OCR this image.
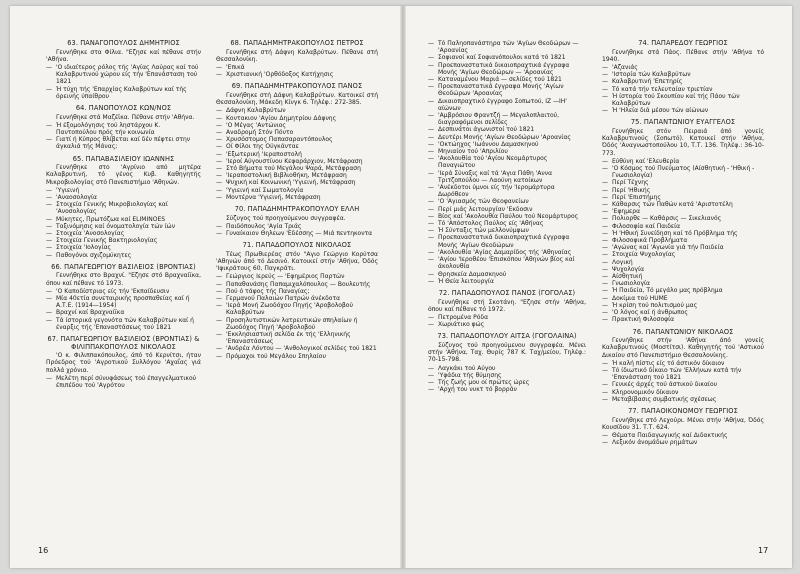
63. ΠΑΝΑΓΟΠΟΥΛΟΣ ΔΗΜΗΤΡΙΟΣ
Γεννήθηκε στα Φίλια. "Εζησε καί πέθανε στήν 'Αθήνα.
— 'Ο ιδιαίτερος ρόλος τής 'Αγίας Λαύρας καί τού Καλαβρυτινού χώρου είς τήν 'Επανάσταση τού 1821
— Ή τύχη τής 'Επαρχίας Καλαβρύτων καί τής όρεινής ύπαίθρου
64. ΠΑΝΟΠΟΥΛΟΣ ΚΩΝ/ΝΟΣ
Γεννήθηκε στά Μαζέϊκα. Πέθανε στήν 'Αθήνα.
— Ή έξομολόγησις τού ληστάρχου Κ. Παντοπούλου πρός τήν κοινωνία
— Γιατί ή Κύπρος θλίβεται καί δέν πέφτει στην άγκαλιά τής Μάνας;
65. ΠΑΠΑΒΑΣΙΛΕΙΟΥ ΙΩΑΝΝΗΣ
Γεννήθηκε στο 'Αγρίνιο από μητέρα Καλαβρυτινή, τό γένος Κυβ. Καθηγητής Μικροβιολογίας στό Πανεπιστήμιο 'Αθηνών.
— 'Υγιεινή
— 'Αναοσολογία
— Στοιχεία Γενικής Μικροβιολογίας καί 'Ανοσολογίας
— Μύκητες, Πρωτόζωα καί ELIMINOES
— Ταξινόμησις καί όνοματολογία τών ίών
— Στοιχεία 'Ανοσολογίας
— Στοιχεία Γενικής Βακτηριολογίας
— Στοιχεία 'Ιολογίας
— Παθογόνοι σχιζομύκητες
66. ΠΑΠΑΓΕΩΡΓΙΟΥ ΒΑΣΙΛΕΙΟΣ (ΒΡΟΝΤΙΑΣ)
Γεννήθηκε στο Βραχνί. "Εζησε στό Βραχναίϊκα, όπου καί πέθανε τό 1973.
— 'Ο Καποδίστριας είς τήν 'Εκπαίδευσιν
— Μία 40ετία συνεταιρικής προσπαθείας καί ή Α.Τ.Ε. (1914—1954)
— Βραχνί καί Βραχναίϊκα
— Τά ίστορικά γεγονότα τών Καλαβρύτων καί ή έναρξις τής 'Επαναστάσεως τού 1821
67. ΠΑΠΑΓΕΩΡΓΙΟΥ ΒΑΣΙΛΕΙΟΣ (ΒΡΟΝΤΙΑΣ) & ΦΙΛΙΠΠΑΚΟΠΟΥΛΟΣ ΝΙΚΟΛΑΟΣ
'Ο κ. Φιλιππακόπουλος, άπό τό Κερνίτσι, ήταν Πρόεδρος τού 'Αγροτικού Συλλόγου 'Αχαΐας γιά πολλά χρόνια.
— Μελέτη περί σύνυφάσεως τού έπαγγελματικού έπιπέδου τού 'Αγρότου
68. ΠΑΠΑΔΗΜΗΤΡΑΚΟΠΟΥΛΟΣ ΠΕΤΡΟΣ
Γεννήθηκε στή Δάφνη Καλαβρύτων. Πέθανε στή Θεσσαλονίκη.
— 'Επικά
— Χριστιανική 'Ορθόδοξος Κατήχησις
69. ΠΑΠΑΔΗΜΗΤΡΑΚΟΠΟΥΛΟΣ ΠΑΝΟΣ
Γεννήθηκε στή Δάφνη Καλαβρύτων. Κατοικεί στή Θεσσαλονίκη, Μάκεδη Κίνγκ 6. Τηλέφ.: 272-385.
— Δάφνη Καλαβρύτων
— Κοντακιον 'Αγίου Δημητρίου Δάφνης
— 'Ο Μέγας 'Αντώνιος
— Αναδρομή Στόν Πόντο
— Χρυσόστομος Παπασαραντόπουλος
— Οί Φίλοι της Ούγκάνταε
— 'Εξωτερική 'Ιεραποστολή
— 'Ιεροί Αύγουστίνου Κεφαράρχιον, Μετάφραση
— Στό Βήματα τού Μεγάλου Ψαρά, Μετάφραση
— 'Ιεραποστολική Βιβλιοθήκη, Μετάφραση
— Ψυχική καί Κοινωνική 'Υγιεινή, Μετάφραση
— 'Υγιεινή καί Σωματολογία
— Μοντέρνα 'Υγιεινή, Μετάφραση
70. ΠΑΠΑΔΗΜΗΤΡΑΚΟΠΟΥΛΟΥ ΕΛΛΗ
Σύζυγος τού προηγούμενου συγγραφέα.
— Παιδόπουλος 'Αγία Τριάς
— Γυναίκαιον Θηλεων 'Εδέσσης — Μιά πεντηκοντα
71. ΠΑΠΑΔΟΠΟΥΛΟΣ ΝΙΚΟΛΑΟΣ
Τέως Πρωθιερέας στόν "Αγιο Γεώργιο Κορύτσα 'Αθηνών άπό τό Δεσινό. Κατοικεί στήν 'Αθήνα, Όδός 'Ιφικράτους 60, Παγκράτι.
— Γεώργιος Ιερεύς — 'Εφημέριος Παρτών
— Παπαθανάσης Παπαμιχαλόπουλος — Βουλευτής
— Πού ό τάφος τής Παναγίας;
— Γερμανού Παλαιών Πατρών άνέκδοτα
— 'Ιερά Μονή Ζωοδόχου Πηγής 'Αροβολοβού Καλαβρύτων
— Προσηλυτιστικών λατρευτικών σπηλαίων ή Ζωοδόχος Πηγή 'Αροβολοβού
— 'Εκκλησιαστική σελίδα έκ τής 'Ελληνικής 'Επαναστάσεως
— 'Ανδρέα Λόντου — 'Ανθολογικοί σελίδες τού 1821
— Πρόμαχοι τού Μεγάλου Σπηλαίου
— Τό Παληοπανάστηρα τών 'Αγίων Θεοδώρων — 'Αροανίας
— Σοφιανοί καί Σοφιανόπουλοι κατά τό 1821
— Προεπαναστατικά δικαιοπραχτικά έγγραφα Μονής 'Αγίων Θεοδώρων — 'Αροανίας
— Καταναμένου Μαριά — σελίδες τού 1821
— Προεπαναστατικά έγγραφα Μονής 'Αγίων Θεοδώρων 'Αροανίας
— Δικαιοπραχτικό έγγραφο Σοπωτού, ΙΖ —ΙΗ' αίώνων
— 'Αμβρόσιου Φραντζή — Μεγαλοπλαιτού, διαγραφόμενοι σελίδες
— Δεσπινάτοι άγωνιστοί τού 1821
— Δευτέρι Μονής 'Αγίων Θεοδώρων 'Αροανίας
— 'Οκτώηχος 'Ιωάννου Δαμασκηνού
— Μηνιαίον τού 'Απριλίου
— 'Ακολουθία τού 'Αγίου Νεομάρτυρος Παναγιώτου
— 'Ιερά Σύναξις καί τά 'Αγια Πάθη 'Αννα Τριτζοπούλου — Λαούνη κατοίκων
— 'Ανέκδοτοι ύμνοι είς τήν 'Ιερομάρτυρα Δωρόθεον
— 'Ο 'Αγιασμός τών Θεοφανείων
— Περί μιάς λειτουργίαν 'Εκδοσιν
— Βίος καί 'Ακολουθία Παύλου τού Νεομάρτυρος
— Τό 'Απόστολος Παύλος είς 'Αθήνας
— Ή Σύνταξις τών μελλονύμφων
— Προεπαναστατικά δικαιοπραχτικά έγγραφα Μονής 'Αγίων Θεοδώρων
— 'Ακολουθία 'Αγίας Δαμαρίδος τής 'Αθηναίας
— 'Αγίου 'Ιεροθέου 'Επισκόπου 'Αθηνών βίος καί άκολουθία
— Θρησκεία Δαμασκηνού
— Ή Θεία λειτουργία
72. ΠΑΠΑΔΟΠΟΥΛΟΣ ΠΑΝΟΣ (ΓΟΓΟΛΑΣ)
Γεννήθηκε στή Σκοτάνη. "Εζησε στήν 'Αθήνα, όπου καί πέθανε τό 1972.
— Πετρομένα Ρόδα
— Χωριάτικο φώς
73. ΠΑΠΑΔΟΠΟΥΛΟΥ ΑΙΤΣΑ (ΓΟΓΟΛΑΙΝΑ)
Σύζυγος τού προηγούμενου συγγραφέα. Μένει στήν 'Αθήνα, Ταχ. Θυρίς 787 Κ. Ταχ/μείου, Τηλέφ.: 70-15-798.
— Λαγκάκι τού Αύγου
— 'Υφάδια τής θύμησης
— Τής ζωής μου οί πρώτες ώρες
— 'Αρχή του νυκτ τό βορράν
74. ΠΑΠΑΡΕΔΟΥ ΓΕΩΡΓΙΟΣ
Γεννήθηκε στά Πάος. Πέθανε στήν 'Αθήνα τό 1940.
— 'Αζανιάς
— 'Ιστορία τών Καλαβρύτων
— Καλαβρυτινή 'Επετηρίς
— Τό κατά τήν τελευταίαν τριετίαν
— Ή ίστορία τού Σκουπίου καί τής Πάου τών Καλαβρύτων
— Ή 'Ηλεία διά μέσου τών αίώνων
75. ΠΑΠΑΝΤΩΝΙΟΥ ΕΥΑΓΓΕΛΟΣ
Γεννήθηκε στόν Πειραιά άπό γονείς Καλαβρυτινούς (Σοπωτό). Κατοικεί στήν 'Αθήνα, Όδός 'Αναγνωστοπούλου 10, Τ.Τ. 136. Τηλέφ.: 36-10-773.
— Εύθύνη καί 'Ελευθερία
— 'Ο Κόσμος τού Πνεύματος (Αίσθητική - 'Ηθική - Γνωσιολογία)
— Περί Τέχνης
— Περί 'Ηθικής
— Περί 'Επιστήμης
— Κάθαρσις τών Παθών κατά 'Αριστοτέλη
— 'Εφημερα
— Πολιορθε — Καθάρσις — Σικελιανός
— Φιλοσοφία καί Παιδεία
— Ή 'Ηθική Συνείδηση καί τό Πρόβλημα τής
— Φιλοσοφικά Προβλήματα
— 'Αγώνας καί 'Αγωνία γιά τήν Παιδεία
— Στοιχεία Ψυχολογίας
— Λογική
— Ψυχολογία
— Αίσθητική
— Γνωσιολογία
— Ή Παιδεία, Τό μεγάλο μας πρόβλημα
— Δοκίμια τού HUME
— Ή κρίση τού πολιτισμού μας
— 'Ο λόγος καί ή άνθρωπος
— Πρακτική Φιλοσοφία
76. ΠΑΠΑΝΤΩΝΙΟΥ ΝΙΚΟΛΑΟΣ
Γεννήθηκε στήν 'Αθήνα άπό γονείς Καλαβρυτινούς (Μοστίτσι). Καθηγητής τού 'Αστικού Δικαίου στό Πανεπιστήμιο Θεσσαλονίκης.
— Ή καλή πίστις είς τό άστικόν δίκαιον
— Τό ίδιωτικό δίκαιο τών 'Ελλήνων κατά τήν 'Επανάσταση τού 1821
— Γενικές άρχές τού άστικού δικαίου
— Κληρονομικόν δίκαιον
— Μεταβίβασις συμβατικής σχέσεως
77. ΠΑΠΑΟΙΚΟΝΟΜΟΥ ΓΕΩΡΓΙΟΣ
Γεννήθηκε στό Λεχούρι. Μένει στήν 'Αθήνα, Όδός Κουσίδου 31. Τ.Τ. 624.
— Θέματα Παιδαγωγικής καί Διδακτικής
— Λεξικόν άνομάδων ρημάτων
16	17
